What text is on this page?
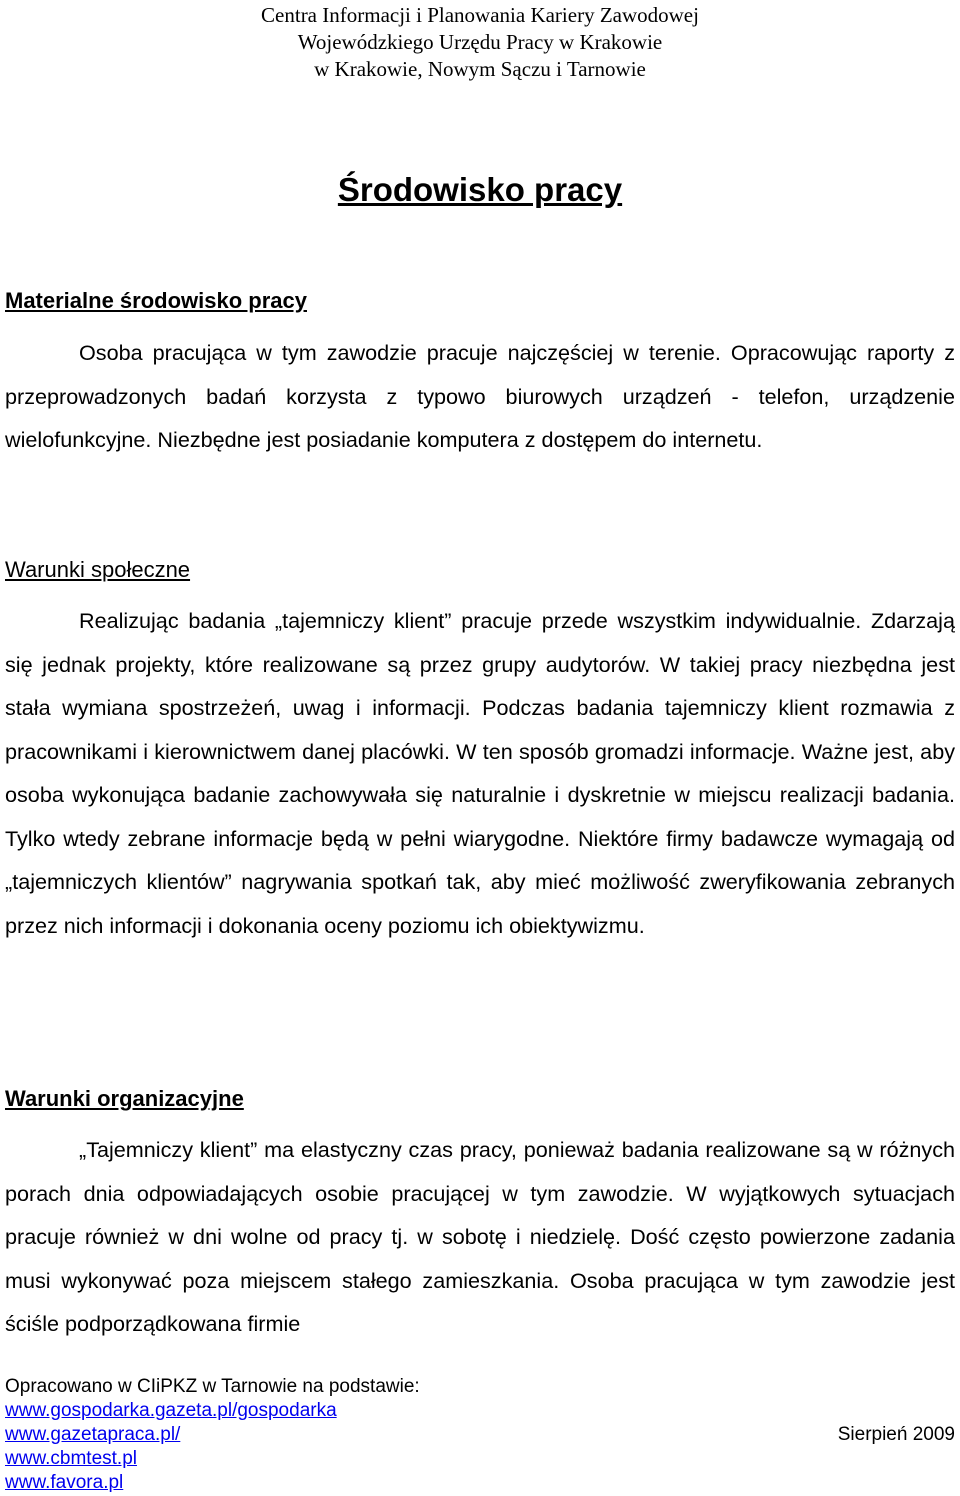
Centra Informacji i Planowania Kariery Zawodowej
Wojewódzkiego Urzędu Pracy w Krakowie
w Krakowie, Nowym Sączu i Tarnowie
Środowisko pracy
Materialne środowisko pracy

Osoba pracująca w tym zawodzie pracuje najczęściej w terenie. Opracowując raporty z przeprowadzonych badań korzysta z typowo biurowych urządzeń - telefon, urządzenie wielofunkcyjne. Niezbędne jest posiadanie komputera z dostępem do internetu.

Warunki społeczne

Realizując badania „tajemniczy klient” pracuje przede wszystkim indywidualnie. Zdarzają się jednak projekty, które realizowane są przez grupy audytorów. W takiej pracy niezbędna jest stała wymiana spostrzeżeń, uwag i informacji. Podczas badania tajemniczy klient rozmawia z pracownikami i kierownictwem danej placówki. W ten sposób gromadzi informacje. Ważne jest, aby osoba wykonująca badanie zachowywała się naturalnie i dyskretnie w miejscu realizacji badania. Tylko wtedy zebrane informacje będą w pełni wiarygodne. Niektóre firmy badawcze wymagają od „tajemniczych klientów” nagrywania spotkań tak, aby mieć możliwość zweryfikowania zebranych przez nich informacji i dokonania oceny poziomu ich obiektywizmu.

Warunki organizacyjne

„Tajemniczy klient” ma elastyczny czas pracy, ponieważ badania realizowane są w różnych porach dnia odpowiadających osobie pracującej w tym zawodzie. W wyjątkowych sytuacjach pracuje również w dni wolne od pracy tj. w sobotę i niedzielę. Dość często powierzone zadania musi wykonywać poza miejscem stałego zamieszkania. Osoba pracująca w tym zawodzie jest ściśle podporządkowana firmie

Opracowano w CIiPKZ w Tarnowie na podstawie:
www.gospodarka.gazeta.pl/gospodarka
www.gazetapraca.pl/	Sierpień 2009
www.cbmtest.pl
www.favora.pl
